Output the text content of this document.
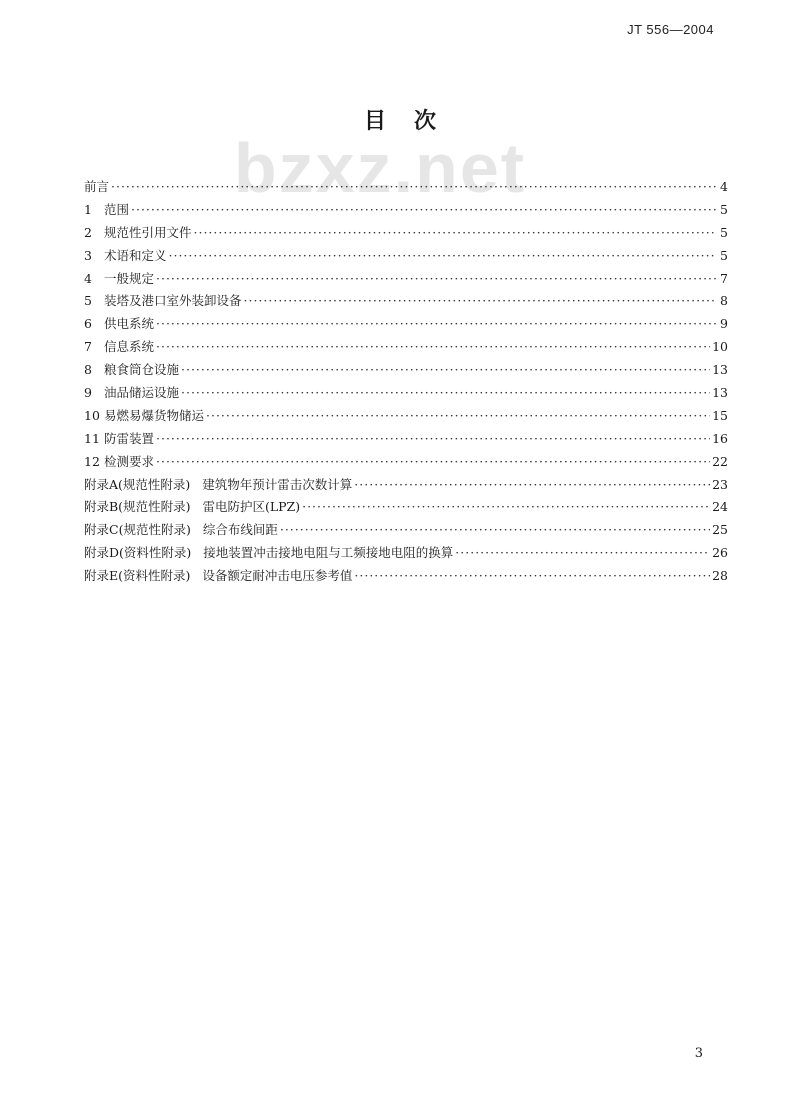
JT 556—2004
bzxz.net
目次
前言 ·····	4
1 范围 ·····	5
2 规范性引用文件 ·····	5
3 术语和定义 ·····	5
4 一般规定 ·····	7
5 装塔及港口室外装卸设备 ·····	8
6 供电系统 ·····	9
7 信息系统 ·····	10
8 粮食筒仓设施 ·····	13
9 油品储运设施 ·····	13
10 易燃易爆货物储运 ·····	15
11 防雷装置 ·····	16
12 检测要求 ·····	22
附录A(规范性附录) 建筑物年预计雷击次数计算 ·····	23
附录B(规范性附录) 雷电防护区(LPZ) ·····	24
附录C(规范性附录) 综合布线间距 ·····	25
附录D(资料性附录) 接地装置冲击接地电阻与工频接地电阻的换算 ·····	26
附录E(资料性附录) 设备额定耐冲击电压参考值 ·····	28
3
